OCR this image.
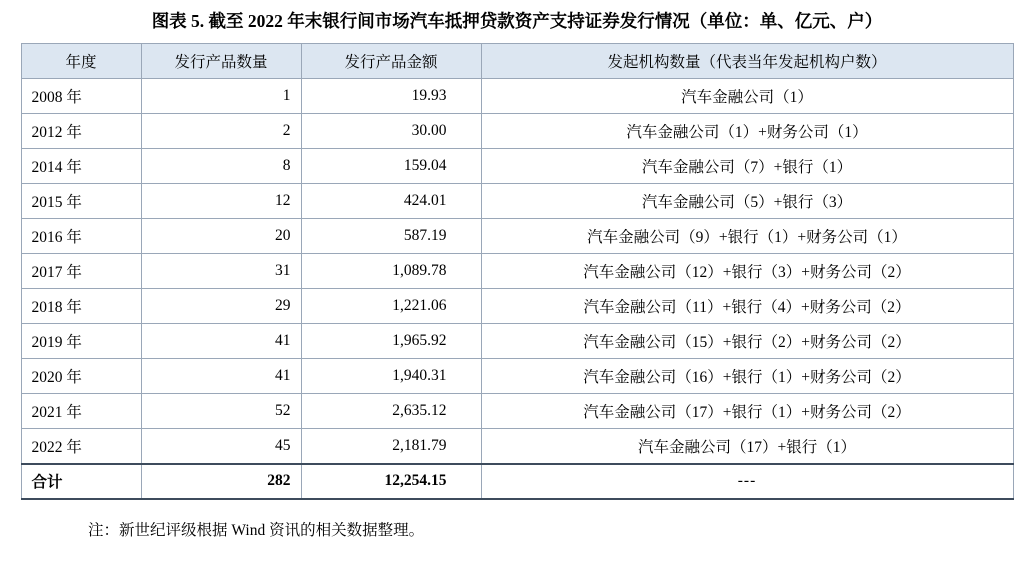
图表 5. 截至 2022 年末银行间市场汽车抵押贷款资产支持证券发行情况（单位：单、亿元、户）
年度	发行产品数量	发行产品金额	发起机构数量（代表当年发起机构户数）
2008 年	1	19.93	汽车金融公司（1）
2012 年	2	30.00	汽车金融公司（1）+财务公司（1）
2014 年	8	159.04	汽车金融公司（7）+银行（1）
2015 年	12	424.01	汽车金融公司（5）+银行（3）
2016 年	20	587.19	汽车金融公司（9）+银行（1）+财务公司（1）
2017 年	31	1,089.78	汽车金融公司（12）+银行（3）+财务公司（2）
2018 年	29	1,221.06	汽车金融公司（11）+银行（4）+财务公司（2）
2019 年	41	1,965.92	汽车金融公司（15）+银行（2）+财务公司（2）
2020 年	41	1,940.31	汽车金融公司（16）+银行（1）+财务公司（2）
2021 年	52	2,635.12	汽车金融公司（17）+银行（1）+财务公司（2）
2022 年	45	2,181.79	汽车金融公司（17）+银行（1）
合计	282	12,254.15	---
注：新世纪评级根据 Wind 资讯的相关数据整理。
